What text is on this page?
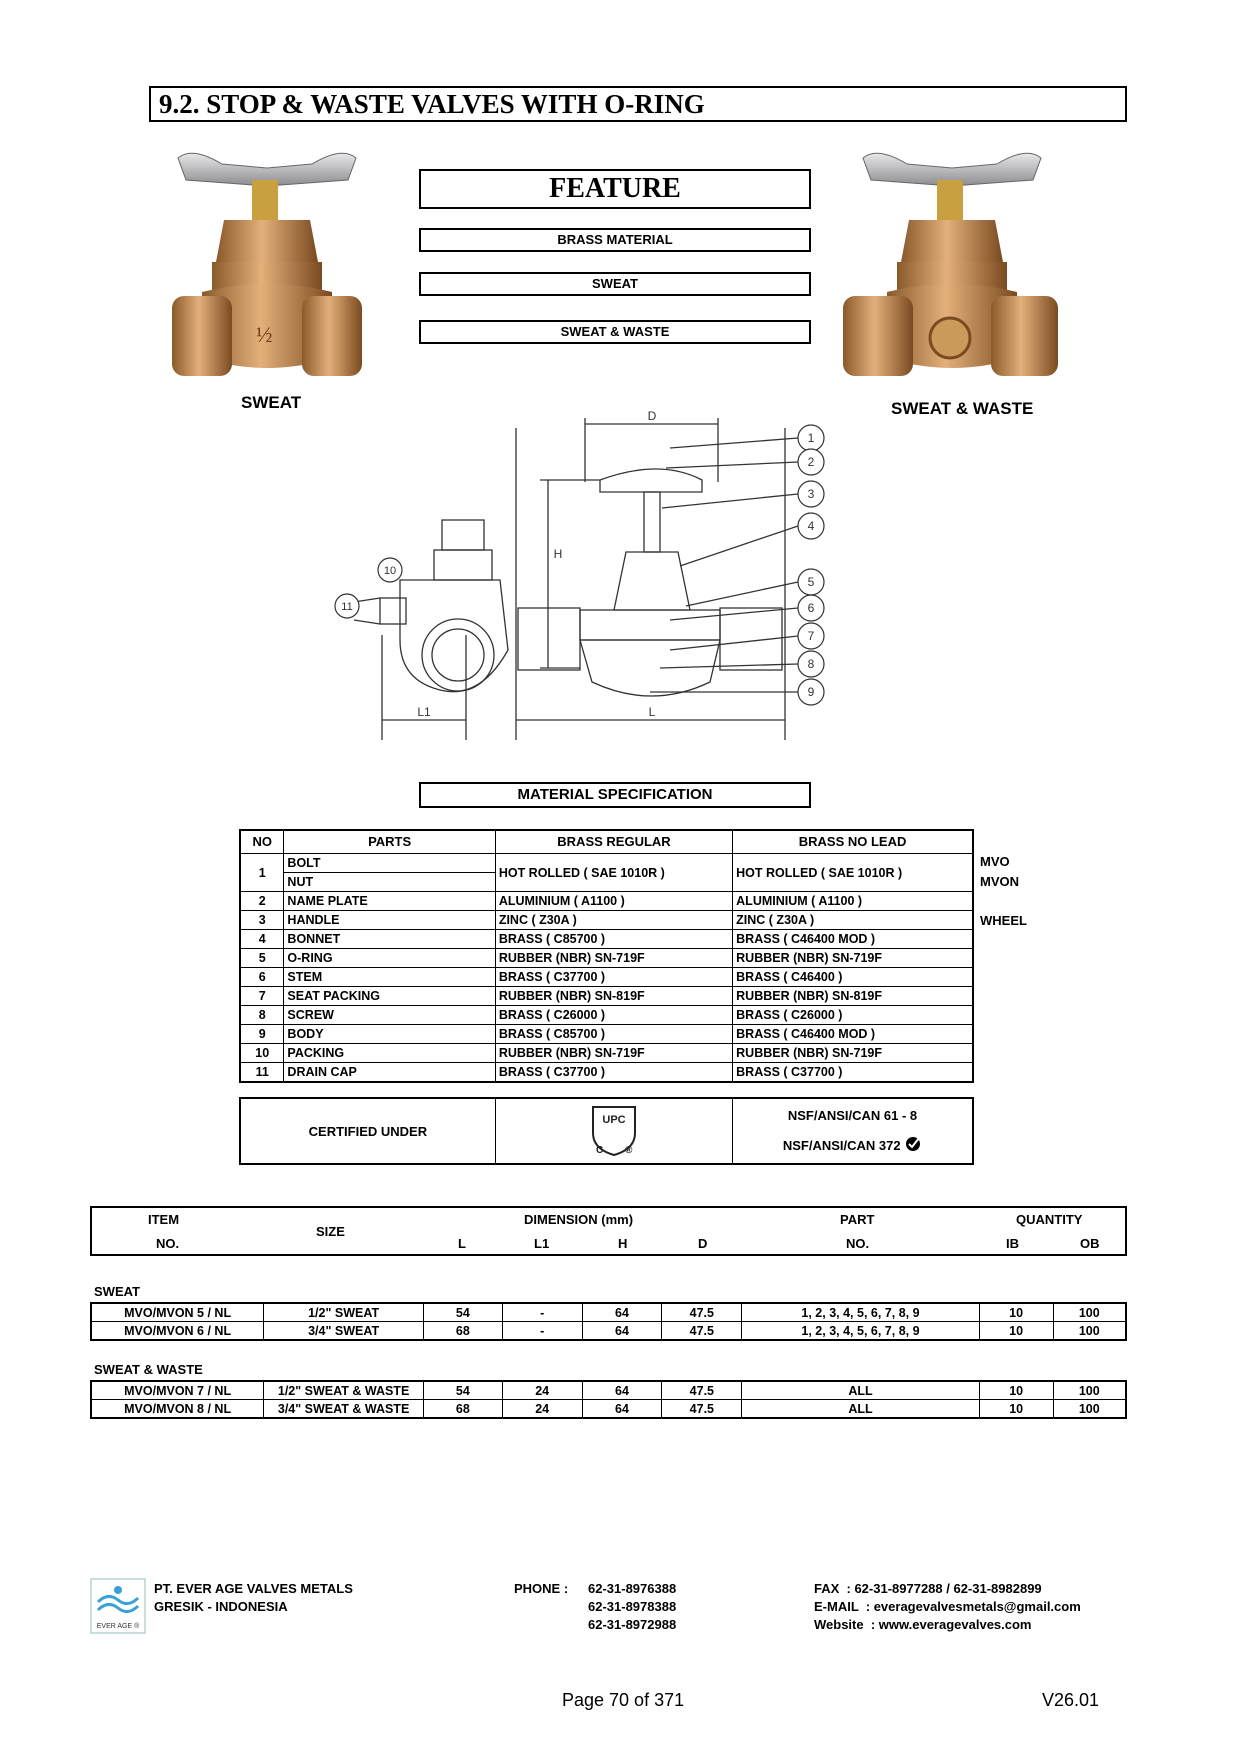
9.2. STOP & WASTE VALVES WITH O-RING
½
SWEAT	SWEAT & WASTE
FEATURE
BRASS MATERIAL
SWEAT
SWEAT & WASTE
1
2
3
4
5
6
7
8
9
10
11
D
H
L
L1
MATERIAL SPECIFICATION
NO	PARTS	BRASS REGULAR	BRASS NO LEAD
1	BOLT	HOT ROLLED ( SAE 1010R )	HOT ROLLED ( SAE 1010R )
	NUT		
2	NAME PLATE	ALUMINIUM ( A1100 )	ALUMINIUM ( A1100 )
3	HANDLE	ZINC ( Z30A )	ZINC ( Z30A )
4	BONNET	BRASS ( C85700 )	BRASS ( C46400 MOD )
5	O-RING	RUBBER (NBR) SN-719F	RUBBER (NBR) SN-719F
6	STEM	BRASS ( C37700 )	BRASS ( C46400 )
7	SEAT PACKING	RUBBER (NBR) SN-819F	RUBBER (NBR) SN-819F
8	SCREW	BRASS ( C26000 )	BRASS ( C26000 )
9	BODY	BRASS ( C85700 )	BRASS ( C46400 MOD )
10	PACKING	RUBBER (NBR) SN-719F	RUBBER (NBR) SN-719F
11	DRAIN CAP	BRASS ( C37700 )	BRASS ( C37700 )
MVO
MVON
WHEEL
CERTIFIED UNDER	
UPC
C ®

NSF/ANSI/CAN 61 - 8
NSF/ANSI/CAN 372
ITEM
NO.
SIZE
DIMENSION (mm)
L	L1	H	D
PART
NO.
QUANTITY
IB	OB
SWEAT
MVO/MVON 5 / NL	1/2" SWEAT	54	-	64	47.5	1, 2, 3, 4, 5, 6, 7, 8, 9	10	100
MVO/MVON 6 / NL	3/4" SWEAT	68	-	64	47.5	1, 2, 3, 4, 5, 6, 7, 8, 9	10	100
SWEAT & WASTE
MVO/MVON 7 / NL	1/2" SWEAT & WASTE	54	24	64	47.5	ALL	10	100
MVO/MVON 8 / NL	3/4" SWEAT & WASTE	68	24	64	47.5	ALL	10	100
EVER AGE ®
PT. EVER AGE VALVES METALS
GRESIK - INDONESIA
PHONE : 62-31-8976388
62-31-8978388
62-31-8972988
FAX  : 62-31-8977288 / 62-31-8982899
E-MAIL  : everagevalvesmetals@gmail.com
Website  : www.everagevalves.com
Page 70 of 371	V26.01
